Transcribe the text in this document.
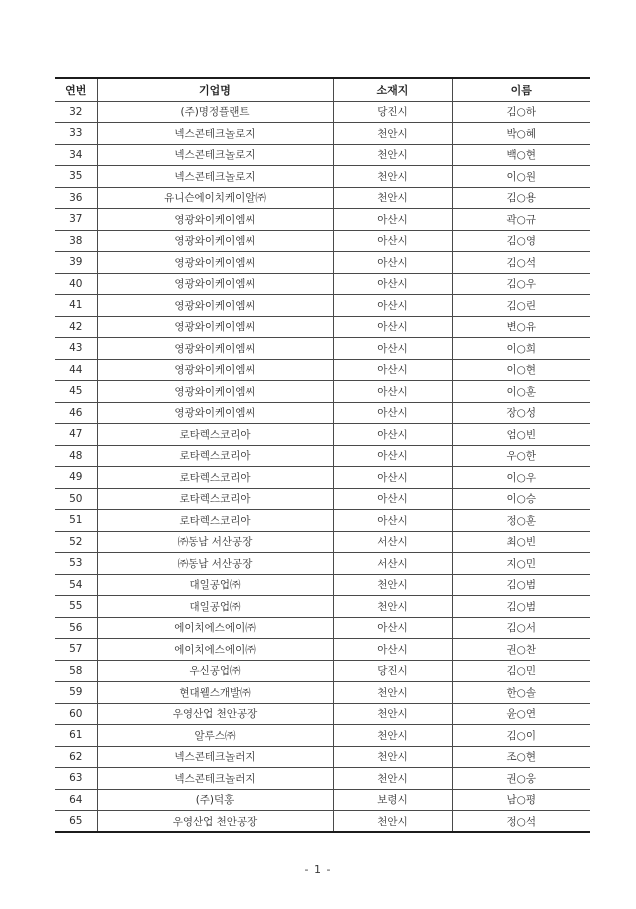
연번	기업명	소재지	이름
32	(주)명정플랜트	당진시	김○하
33	넥스콘테크놀로지	천안시	박○혜
34	넥스콘테크놀로지	천안시	백○현
35	넥스콘테크놀로지	천안시	이○원
36	유니슨에이치케이알㈜	천안시	김○용
37	영광와이케이엠씨	아산시	곽○규
38	영광와이케이엠씨	아산시	김○영
39	영광와이케이엠씨	아산시	김○석
40	영광와이케이엠씨	아산시	김○우
41	영광와이케이엠씨	아산시	김○린
42	영광와이케이엠씨	아산시	변○유
43	영광와이케이엠씨	아산시	이○희
44	영광와이케이엠씨	아산시	이○현
45	영광와이케이엠씨	아산시	이○훈
46	영광와이케이엠씨	아산시	장○성
47	로타렉스코리아	아산시	엄○빈
48	로타렉스코리아	아산시	우○한
49	로타렉스코리아	아산시	이○우
50	로타렉스코리아	아산시	이○승
51	로타렉스코리아	아산시	정○훈
52	㈜동남 서산공장	서산시	최○빈
53	㈜동남 서산공장	서산시	지○민
54	대일공업㈜	천안시	김○범
55	대일공업㈜	천안시	김○범
56	에이치에스에이㈜	아산시	김○서
57	에이치에스에이㈜	아산시	권○찬
58	우신공업㈜	당진시	김○민
59	현대웰스개발㈜	천안시	한○솔
60	우영산업 천안공장	천안시	윤○연
61	알루스㈜	천안시	김○이
62	넥스콘테크놀러지	천안시	조○현
63	넥스콘테크놀러지	천안시	권○웅
64	(주)덕홍	보령시	남○평
65	우영산업 천안공장	천안시	정○석
- 1 -
